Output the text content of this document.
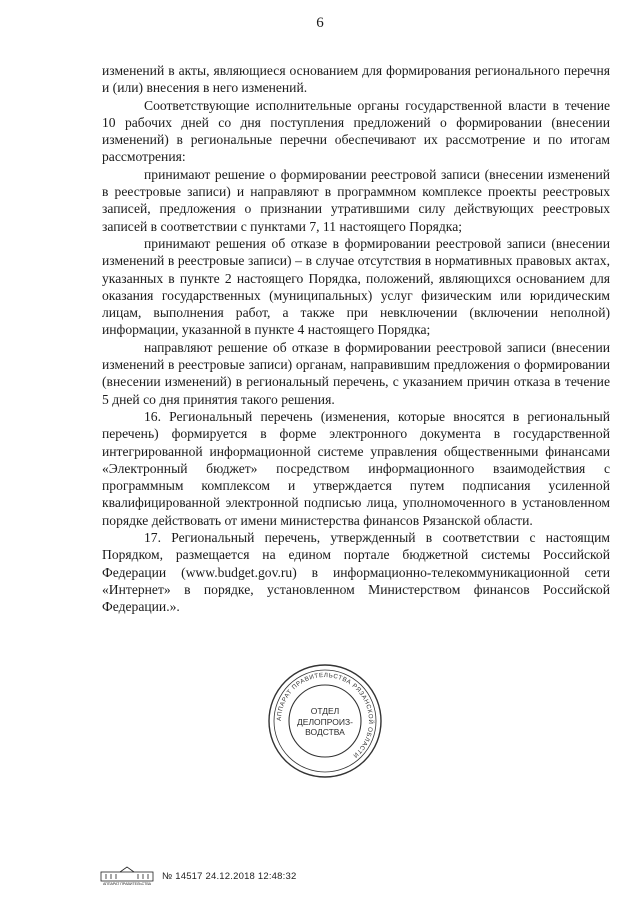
6

изменений в акты, являющиеся основанием для формирования регионального перечня и (или) внесения в него изменений.

Соответствующие исполнительные органы государственной власти в течение 10 рабочих дней со дня поступления предложений о формировании (внесении изменений) в региональные перечни обеспечивают их рассмотрение и по итогам рассмотрения:

принимают решение о формировании реестровой записи (внесении изменений в реестровые записи) и направляют в программном комплексе проекты реестровых записей, предложения о признании утратившими силу действующих реестровых записей в соответствии с пунктами 7, 11 настоящего Порядка;

принимают решения об отказе в формировании реестровой записи (внесении изменений в реестровые записи) – в случае отсутствия в нормативных правовых актах, указанных в пункте 2 настоящего Порядка, положений, являющихся основанием для оказания государственных (муниципальных) услуг физическим или юридическим лицам, выполнения работ, а также при невключении (включении неполной) информации, указанной в пункте 4 настоящего Порядка;

направляют решение об отказе в формировании реестровой записи (внесении изменений в реестровые записи) органам, направившим предложения о формировании (внесении изменений) в региональный перечень, с указанием причин отказа в течение 5 дней со дня принятия такого решения.

16. Региональный перечень (изменения, которые вносятся в региональный перечень) формируется в форме электронного документа в государственной интегрированной информационной системе управления общественными финансами «Электронный бюджет» посредством информационного взаимодействия с программным комплексом и утверждается путем подписания усиленной квалифицированной электронной подписью лица, уполномоченного в установленном порядке действовать от имени министерства финансов Рязанской области.

17. Региональный перечень, утвержденный в соответствии с настоящим Порядком, размещается на едином портале бюджетной системы Российской Федерации (www.budget.gov.ru) в информационно-телекоммуникационной сети «Интернет» в порядке, установленном Министерством финансов Российской Федерации.».

АППАРАТ ПРАВИТЕЛЬСТВА РЯЗАНСКОЙ ОБЛАСТИ
ОТДЕЛ
ДЕЛОПРОИЗ-
ВОДСТВА
АППАРАТ ПРАВИТЕЛЬСТВА
№ 14517 24.12.2018 12:48:32
